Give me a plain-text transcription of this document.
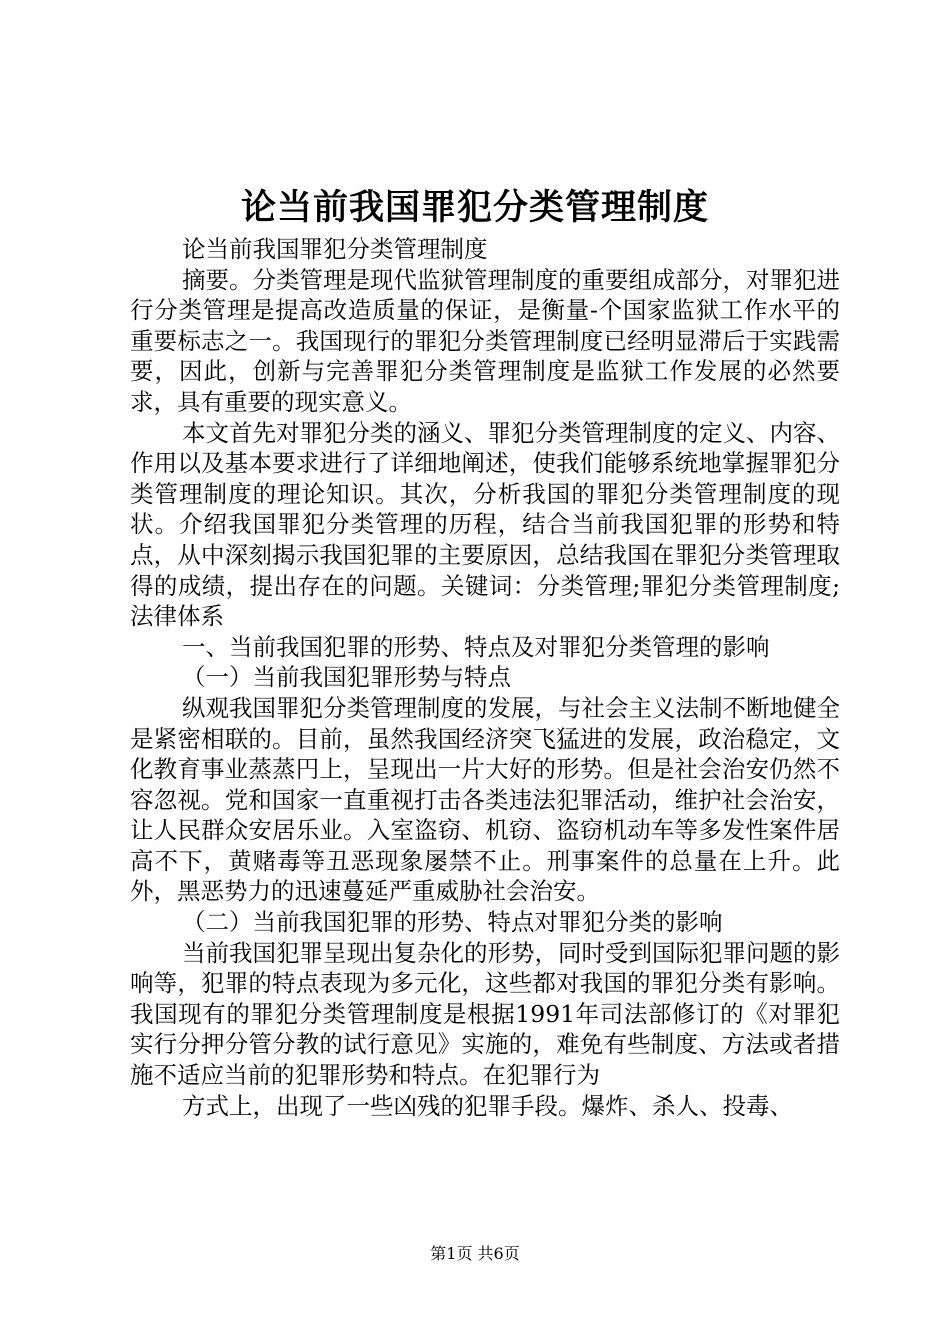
论当前我国罪犯分类管理制度

论当前我国罪犯分类管理制度

摘要。分类管理是现代监狱管理制度的重要组成部分，对罪犯进行分类管理是提高改造质量的保证，是衡量-个国家监狱工作水平的重要标志之一。我国现行的罪犯分类管理制度已经明显滞后于实践需要，因此，创新与完善罪犯分类管理制度是监狱工作发展的必然要求，具有重要的现实意义。

本文首先对罪犯分类的涵义、罪犯分类管理制度的定义、内容、作用以及基本要求进行了详细地阐述，使我们能够系统地掌握罪犯分类管理制度的理论知识。其次，分析我国的罪犯分类管理制度的现状。介绍我国罪犯分类管理的历程，结合当前我国犯罪的形势和特点，从中深刻揭示我国犯罪的主要原因，总结我国在罪犯分类管理取得的成绩，提出存在的问题。关键词：分类管理;罪犯分类管理制度;法律体系

一、当前我国犯罪的形势、特点及对罪犯分类管理的影响

（一）当前我国犯罪形势与特点

纵观我国罪犯分类管理制度的发展，与社会主义法制不断地健全是紧密相联的。目前，虽然我国经济突飞猛进的发展，政治稳定，文化教育事业蒸蒸円上，呈现出一片大好的形势。但是社会治安仍然不容忽视。党和国家一直重视打击各类违法犯罪活动，维护社会治安，让人民群众安居乐业。入室盗窃、机窃、盗窃机动车等多发性案件居高不下，黄赌毒等丑恶现象屡禁不止。刑事案件的总量在上升。此外，黑恶势力的迅速蔓延严重威胁社会治安。

（二）当前我国犯罪的形势、特点对罪犯分类的影响

当前我国犯罪呈现出复杂化的形势，同时受到国际犯罪问题的影响等，犯罪的特点表现为多元化，这些都对我国的罪犯分类有影响。我国现有的罪犯分类管理制度是根据1991年司法部修订的《对罪犯实行分押分管分教的试行意见》实施的，难免有些制度、方法或者措施不适应当前的犯罪形势和特点。在犯罪行为

方式上，出现了一些凶残的犯罪手段。爆炸、杀人、投毒、

第1页 共6页
